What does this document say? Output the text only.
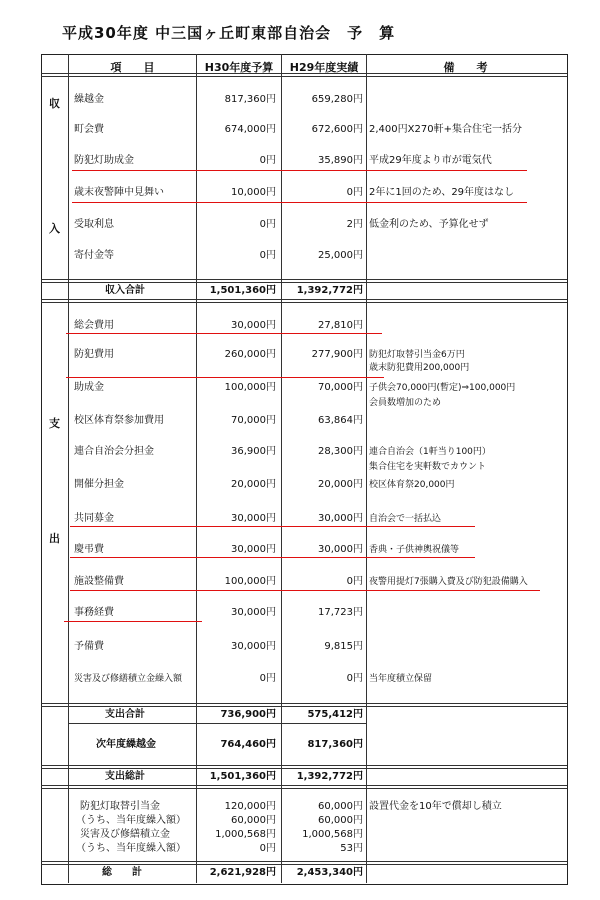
平成30年度 中三国ヶ丘町東部自治会　予　算
項　　目	H30年度予算	H29年度実績	備　　考
収
入
支
出
繰越金	817,360円	659,280円
町会費	674,000円	672,600円 2,400円X270軒+集合住宅一括分
防犯灯助成金	0円	35,890円 平成29年度より市が電気代
歳末夜警陣中見舞い	10,000円	0円 2年に1回のため、29年度はなし
受取利息	0円	2円 低金利のため、予算化せず
寄付金等	0円	25,000円
収入合計	1,501,360円	1,392,772円
総会費用	30,000円	27,810円
防犯費用	260,000円	277,900円 防犯灯取替引当金6万円
歳末防犯費用200,000円
助成金	100,000円	70,000円 子供会70,000円(暫定)⇒100,000円
会員数増加のため
校区体育祭参加費用	70,000円	63,864円
連合自治会分担金	36,900円	28,300円 連合自治会（1軒当り100円）
集合住宅を実軒数でカウント
開催分担金	20,000円	20,000円 校区体育祭20,000円
共同募金	30,000円	30,000円 自治会で一括払込
慶弔費	30,000円	30,000円 香典・子供神輿祝儀等
施設整備費	100,000円	0円 夜警用提灯7張購入費及び防犯設備購入
事務経費	30,000円	17,723円
予備費	30,000円	9,815円
災害及び修繕積立金繰入額	0円	0円 当年度積立保留
支出合計	736,900円	575,412円
次年度繰越金	764,460円	817,360円
支出総計	1,501,360円	1,392,772円
防犯灯取替引当金	120,000円	60,000円 設置代金を10年で償却し積立
（うち、当年度繰入額）	60,000円	60,000円
災害及び修繕積立金	1,000,568円	1,000,568円
（うち、当年度繰入額）	0円	53円
総　　計	2,621,928円	2,453,340円
